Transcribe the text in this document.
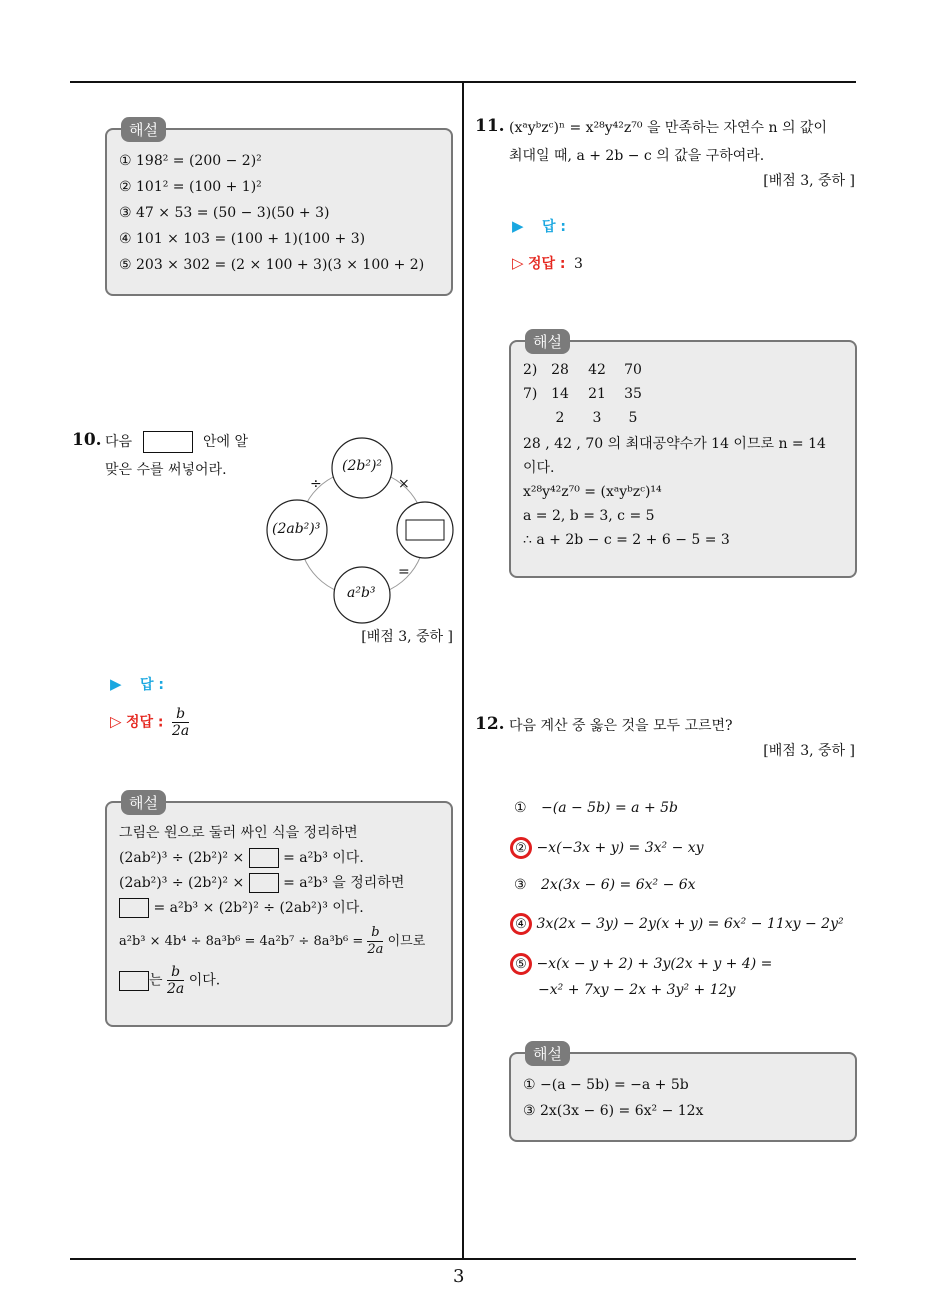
3
해설
① 198² = (200 − 2)²
② 101² = (100 + 1)²
③ 47 × 53 = (50 − 3)(50 + 3)
④ 101 × 103 = (100 + 1)(100 + 3)
⑤ 203 × 302 = (2 × 100 + 3)(3 × 100 + 2)
10. 다음	안에 알
맞은 수를 써넣어라.	(2b²)²
(2ab²)³
a²b³
÷	×
=
[배점 3, 중하 ]
▶ 답 :
▷ 정답 : $\frac{b}{2a}$
해설
그림은 원으로 둘러 싸인 식을 정리하면
(2ab²)³ ÷ (2b²)² ×	= a²b³ 이다.
(2ab²)³ ÷ (2b²)² ×	= a²b³ 을 정리하면
= a²b³ × (2b²)² ÷ (2ab²)³ 이다.
$a^2b^3 \times 4b^4 \div 8a^3b^6 = 4a^2b^7 \div 8a^3b^6 = \frac{b}{2a}$ 이므로
는 $\frac{b}{2a}$ 이다.
11. (xᵃyᵇzᶜ)ⁿ = x²⁸y⁴²z⁷⁰ 을 만족하는 자연수 n 의 값이
최대일 때, a + 2b − c 의 값을 구하여라.
[배점 3, 중하 ]
▶ 답 :
▷ 정답 : 3
해설
2) 28 42 70
7) 14 21 35
2 3 5
28 , 42 , 70 의 최대공약수가 14 이므로 n = 14
이다.
x²⁸y⁴²z⁷⁰ = (xᵃyᵇzᶜ)¹⁴
a = 2, b = 3, c = 5
∴ a + 2b − c = 2 + 6 − 5 = 3
12. 다음 계산 중 옳은 것을 모두 고르면?
[배점 3, 중하 ]
① −(a − 5b) = a + 5b
② −x(−3x + y) = 3x² − xy
③ 2x(3x − 6) = 6x² − 6x
④ 3x(2x − 3y) − 2y(x + y) = 6x² − 11xy − 2y²
⑤ −x(x − y + 2) + 3y(2x + y + 4) =
−x² + 7xy − 2x + 3y² + 12y
해설
① −(a − 5b) = −a + 5b
③ 2x(3x − 6) = 6x² − 12x
